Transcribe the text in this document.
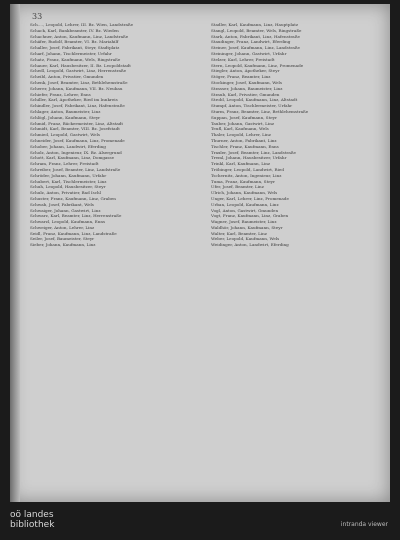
33

Sch...., Leopold, Lehrer, III. Bz. Wien, Landstraße

Schack, Karl, Bankbeamter, IV. Bz. Wieden

Schachner, Anton, Kaufmann, Linz, Landstraße

Schäfer, Rudolf, Beamter, VI. Bz. Mariahilf

Schaller, Josef, Fabrikant, Steyr, Stadtplatz

Scharf, Johann, Tischlermeister, Urfahr

Schatz, Franz, Kaufmann, Wels, Ringstraße

Schauer, Karl, Hausbesitzer, II. Bz. Leopoldstadt

Schedl, Leopold, Gastwirt, Linz, Herrenstraße

Scheibl, Anton, Privatier, Gmunden

Schenk, Josef, Beamter, Linz, Bethlehemstraße

Scherer, Johann, Kaufmann, VII. Bz. Neubau

Schiefer, Franz, Lehrer, Enns

Schiller, Karl, Apotheker, Ried im Innkreis

Schindler, Josef, Fabrikant, Linz, Hafenstraße

Schlager, Anton, Baumeister, Linz

Schlögl, Johann, Kaufmann, Steyr

Schmid, Franz, Bäckermeister, Linz, Altstadt

Schmidt, Karl, Beamter, VIII. Bz. Josefstadt

Schmied, Leopold, Gastwirt, Wels

Schneider, Josef, Kaufmann, Linz, Promenade

Schober, Johann, Landwirt, Eferding

Scholz, Anton, Ingenieur, IX. Bz. Alsergrund

Schott, Karl, Kaufmann, Linz, Domgasse

Schram, Franz, Lehrer, Freistadt

Schreiber, Josef, Beamter, Linz, Landstraße

Schröder, Johann, Kaufmann, Urfahr

Schubert, Karl, Tischlermeister, Linz

Schuh, Leopold, Hausbesitzer, Steyr

Schulz, Anton, Privatier, Bad Ischl

Schuster, Franz, Kaufmann, Linz, Graben

Schwab, Josef, Fabrikant, Wels

Schwaiger, Johann, Gastwirt, Linz

Schwarz, Karl, Beamter, Linz, Herrenstraße

Schwarzl, Leopold, Kaufmann, Enns

Schweiger, Anton, Lehrer, Linz

Seidl, Franz, Kaufmann, Linz, Landstraße

Seiler, Josef, Baumeister, Steyr

Sieber, Johann, Kaufmann, Linz

Stadler, Karl, Kaufmann, Linz, Hauptplatz

Stangl, Leopold, Beamter, Wels, Ringstraße

Stark, Anton, Fabrikant, Linz, Hafenstraße

Staudinger, Franz, Landwirt, Eferding

Steiner, Josef, Kaufmann, Linz, Landstraße

Steininger, Johann, Gastwirt, Urfahr

Stelzer, Karl, Lehrer, Freistadt

Stern, Leopold, Kaufmann, Linz, Promenade

Stiegler, Anton, Apotheker, Steyr

Stöger, Franz, Beamter, Linz

Stockinger, Josef, Kaufmann, Wels

Strasser, Johann, Baumeister, Linz

Straub, Karl, Privatier, Gmunden

Strobl, Leopold, Kaufmann, Linz, Altstadt

Stumpf, Anton, Tischlermeister, Urfahr

Sturm, Franz, Beamter, Linz, Bethlehemstraße

Suppan, Josef, Kaufmann, Steyr

Tauber, Johann, Gastwirt, Linz

Teufl, Karl, Kaufmann, Wels

Thaler, Leopold, Lehrer, Linz

Thurner, Anton, Fabrikant, Linz

Tischler, Franz, Kaufmann, Enns

Traxler, Josef, Beamter, Linz, Landstraße

Treml, Johann, Hausbesitzer, Urfahr

Trinkl, Karl, Kaufmann, Linz

Tröbinger, Leopold, Landwirt, Ried

Tschernitz, Anton, Ingenieur, Linz

Tuma, Franz, Kaufmann, Steyr

Ufer, Josef, Beamter, Linz

Ulrich, Johann, Kaufmann, Wels

Unger, Karl, Lehrer, Linz, Promenade

Urban, Leopold, Kaufmann, Linz

Vogl, Anton, Gastwirt, Gmunden

Vogt, Franz, Kaufmann, Linz, Graben

Wagner, Josef, Baumeister, Linz

Waldhör, Johann, Kaufmann, Steyr

Walter, Karl, Beamter, Linz

Weber, Leopold, Kaufmann, Wels

Weidinger, Anton, Landwirt, Eferding

oö landes
bibliothek	intranda viewer
